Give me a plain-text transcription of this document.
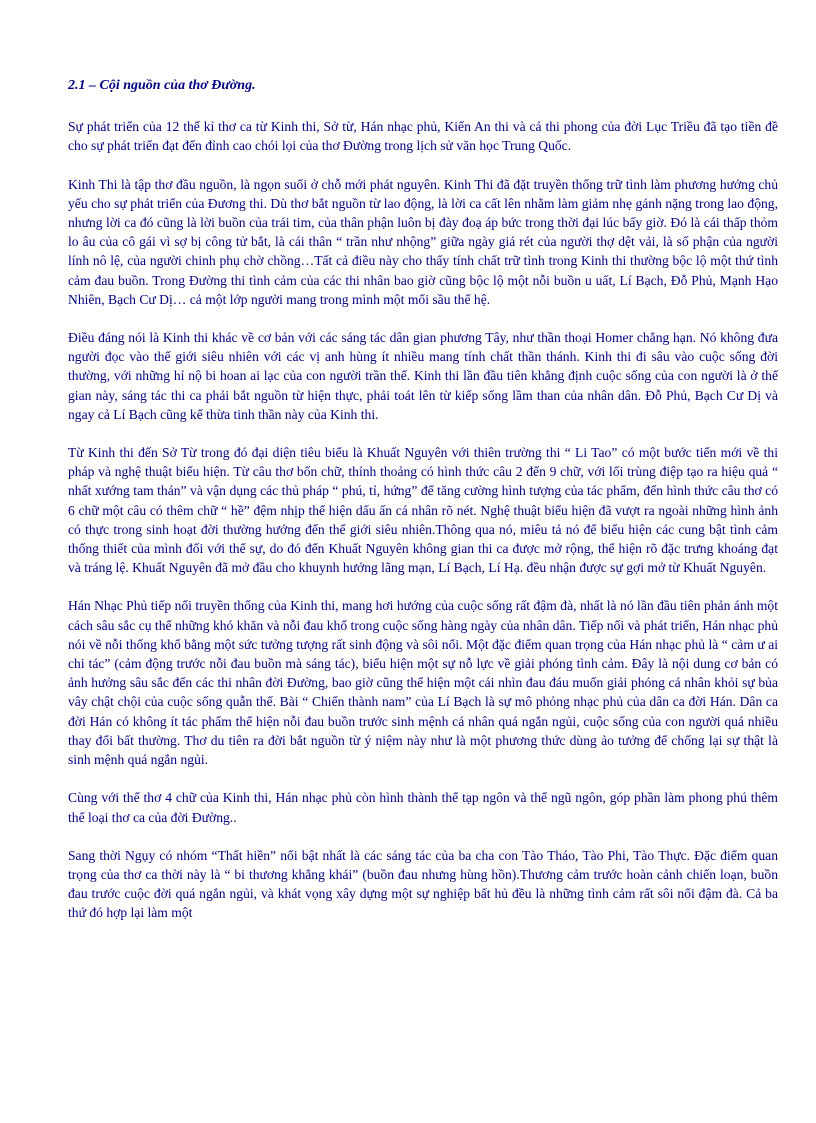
2.1 – Cội nguồn của thơ Đường.

Sự phát triển của 12 thế kỉ thơ ca từ Kinh thi, Sở từ, Hán nhạc phủ, Kiến An thi và cả thi phong của đời Lục Triều đã tạo tiền đề cho sự phát triển đạt đến đỉnh cao chói lọi của thơ Đường trong lịch sử văn học Trung Quốc.

Kinh Thi là tập thơ đầu nguồn, là ngọn suối ở chỗ mới phát nguyên. Kinh Thi đã đặt truyền thống trữ tình làm phương hướng chủ yếu cho sự phát triển của Đương thi. Dù thơ bắt nguồn từ lao động, là lời ca cất lên nhằm làm giảm nhẹ gánh nặng trong lao động, nhưng lời ca đó cũng là lời buồn của trái tim, của thân phận luôn bị đày đoạ áp bức trong thời đại lúc bấy giờ. Đó là cái thấp thỏm lo âu của cô gái vì sợ bị công tử bắt, là cái thân “ trần như nhộng” giữa ngày giá rét của người thợ dệt vải, là số phận của người lính nô lệ, của người chinh phụ chờ chồng…Tất cả điều này cho thấy tính chất trữ tình trong Kinh thi thường bộc lộ một thứ tình cảm đau buồn. Trong Đường thi tình cảm của các thi nhân bao giờ cũng bộc lộ một nỗi buồn u uất, Lí Bạch, Đỗ Phủ, Mạnh Hạo Nhiên, Bạch Cư Dị… cả một lớp người mang trong mình một mối sầu thế hệ.

Điều đáng nói là Kinh thi khác về cơ bản với các sáng tác dân gian phương Tây, như thần thoại Homer chẳng hạn. Nó không đưa người đọc vào thế giới siêu nhiên với các vị anh hùng ít nhiều mang tính chất thần thánh. Kinh thi đi sâu vào cuộc sống đời thường, với những hỉ nộ bi hoan ai lạc của con người trần thế. Kinh thi lần đầu tiên khẳng định cuộc sống của con người là ở thế gian này, sáng tác thi ca phải bắt nguồn từ hiện thực, phải toát lên từ kiếp sống lầm than của nhân dân. Đỗ Phủ, Bạch Cư Dị và ngay cả Lí Bạch cũng kế thừa tinh thần này của Kinh thi.

Từ Kinh thi đến Sở Từ trong đó đại diện tiêu biểu là Khuất Nguyên với thiên trường thi “ Li Tao” có một bước tiến mới về thi pháp và nghệ thuật biểu hiện. Từ câu thơ bốn chữ, thỉnh thoảng có hình thức câu 2 đến 9 chữ, với lối trùng điệp tạo ra hiệu quả “ nhất xướng tam thán” và vận dụng các thủ pháp “ phú, tỉ, hứng” để tăng cường hình tượng của tác phẩm, đến hình thức câu thơ có 6 chữ một câu có thêm chữ “ hề” đệm nhịp thể hiện dấu ấn cá nhân rõ nét. Nghệ thuật biểu hiện đã vượt ra ngoài những hình ảnh có thực trong sinh hoạt đời thường hướng đến thế giới siêu nhiên.Thông qua nó, miêu tả nó để biểu hiện các cung bật tình cảm thống thiết của mình đối với thế sự, do đó đến Khuất Nguyên không gian thi ca được mở rộng, thể hiện rõ đặc trưng khoáng đạt và tráng lệ. Khuất Nguyên đã mở đầu cho khuynh hướng lãng mạn, Lí Bạch, Lí Hạ. đều nhận được sự gợi mở từ Khuất Nguyên.

Hán Nhạc Phủ tiếp nối truyền thống của Kinh thi, mang hơi hướng của cuộc sống rất đậm đà, nhất là nó lần đầu tiên phản ánh một cách sâu sắc cụ thể những khó khăn và nỗi đau khổ trong cuộc sống hàng ngày của nhân dân. Tiếp nối và phát triển, Hán nhạc phủ nói về nỗi thống khổ bằng một sức tưởng tượng rất sinh động và sôi nổi. Một đặc điểm quan trọng của Hán nhạc phủ là “ cảm ư ai chi tác” (cảm động trước nỗi đau buồn mà sáng tác), biểu hiện một sự nỗ lực về giải phóng tình cảm. Đây là nội dung cơ bản có ảnh hưởng sâu sắc đến các thi nhân đời Đường, bao giờ cũng thể hiện một cái nhìn đau đáu muốn giải phóng cá nhân khỏi sự bủa vây chật chội của cuộc sống quẫn thế. Bài “ Chiến thành nam” của Lí Bạch là sự mô phỏng nhạc phủ của dân ca đời Hán. Dân ca đời Hán có không ít tác phẩm thể hiện nỗi đau buồn trước sinh mệnh cá nhân quá ngắn ngủi, cuộc sống của con người quá nhiều thay đổi bất thường. Thơ du tiên ra đời bắt nguồn từ ý niệm này như là một phương thức dùng ảo tưởng để chống lại sự thật là sinh mệnh quá ngắn ngủi.

Cùng với thể thơ 4 chữ của Kinh thi, Hán nhạc phủ còn hình thành thể tạp ngôn và thể ngũ ngôn, góp phần làm phong phú thêm thể loại thơ ca của đời Đường..

Sang thời Ngụy có nhóm “Thất hiền” nổi bật nhất là các sáng tác của ba cha con Tào Tháo, Tào Phi, Tào Thực. Đặc điểm quan trọng của thơ ca thời này là “ bi thương khẳng khái” (buồn đau nhưng hùng hồn).Thương cảm trước hoàn cảnh chiến loạn, buồn đau trước cuộc đời quá ngắn ngủi, và khát vọng xây dựng một sự nghiệp bất hủ đều là những tình cảm rất sôi nổi đậm đà. Cả ba thứ đó hợp lại làm một
